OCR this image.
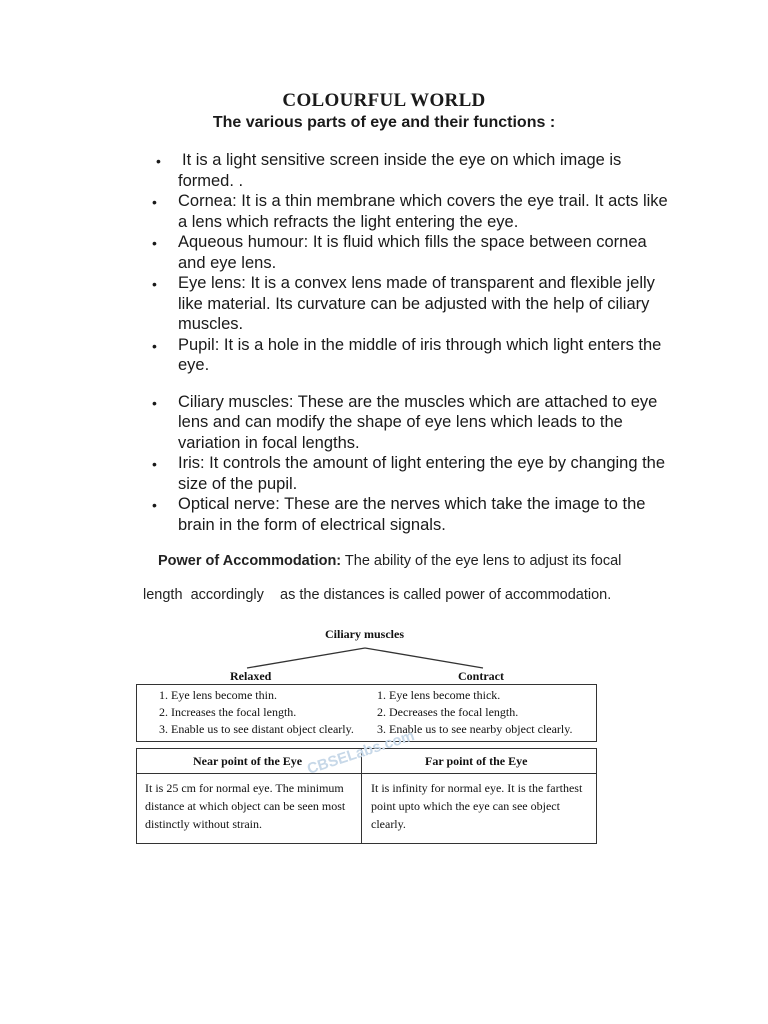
COLOURFUL WORLD
The various parts of eye and their functions :
• It is a light sensitive screen inside the eye on which image is formed. .
• Cornea: It is a thin membrane which covers the eye trail. It acts like a lens which refracts the light entering the eye.
• Aqueous humour: It is fluid which fills the space between cornea and eye lens.
• Eye lens: It is a convex lens made of transparent and flexible jelly like material. Its curvature can be adjusted with the help of ciliary muscles.
• Pupil: It is a hole in the middle of iris through which light enters the eye.
• Ciliary muscles: These are the muscles which are attached to eye lens and can modify the shape of eye lens which leads to the variation in focal lengths.
• Iris: It controls the amount of light entering the eye by changing the size of the pupil.
• Optical nerve: These are the nerves which take the image to the brain in the form of electrical signals.
Power of Accommodation: The ability of the eye lens to adjust its focal
length  accordingly    as the distances is called power of accommodation.
Ciliary muscles
Relaxed	Contract
1. Eye lens become thin.
2. Increases the focal length.
3. Enable us to see distant object clearly.
1. Eye lens become thick.
2. Decreases the focal length.
3. Enable us to see nearby object clearly.
Near point of the Eye	Far point of the Eye
It is 25 cm for normal eye. The minimum distance at which object can be seen most distinctly without strain.
It is infinity for normal eye. It is the farthest point upto which the eye can see object clearly.
CBSELabs.com
